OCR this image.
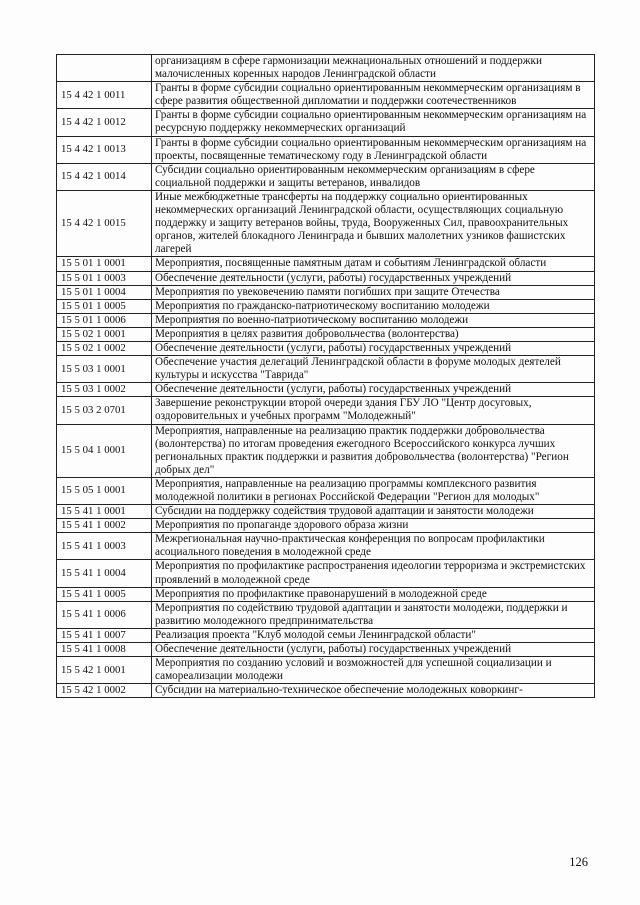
	организациям в сфере гармонизации межнациональных отношений и поддержки малочисленных коренных народов Ленинградской области
15 4 42 1 0011	Гранты в форме субсидии социально ориентированным некоммерческим организациям в сфере развития общественной дипломатии и поддержки соотечественников
15 4 42 1 0012	Гранты в форме субсидии социально ориентированным некоммерческим организациям на ресурсную поддержку некоммерческих организаций
15 4 42 1 0013	Гранты в форме субсидии социально ориентированным некоммерческим организациям на проекты, посвященные тематическому году в Ленинградской области
15 4 42 1 0014	Субсидии социально ориентированным некоммерческим организациям в сфере социальной поддержки и защиты ветеранов, инвалидов
15 4 42 1 0015	Иные межбюджетные трансферты на поддержку социально ориентированных некоммерческих организаций Ленинградской области, осуществляющих социальную поддержку и защиту ветеранов войны, труда, Вооруженных Сил, правоохранительных органов, жителей блокадного Ленинграда и бывших малолетних узников фашистских лагерей
15 5 01 1 0001	Мероприятия, посвященные памятным датам и событиям Ленинградской области
15 5 01 1 0003	Обеспечение деятельности (услуги, работы) государственных учреждений
15 5 01 1 0004	Мероприятия по увековечению памяти погибших при защите Отечества
15 5 01 1 0005	Мероприятия по гражданско-патриотическому воспитанию молодежи
15 5 01 1 0006	Мероприятия по военно-патриотическому воспитанию молодежи
15 5 02 1 0001	Мероприятия в целях развития добровольчества (волонтерства)
15 5 02 1 0002	Обеспечение деятельности (услуги, работы) государственных учреждений
15 5 03 1 0001	Обеспечение участия делегаций Ленинградской области в форуме молодых деятелей культуры и искусства "Таврида"
15 5 03 1 0002	Обеспечение деятельности (услуги, работы) государственных учреждений
15 5 03 2 0701	Завершение реконструкции второй очереди здания ГБУ ЛО "Центр досуговых, оздоровительных и учебных программ "Молодежный"
15 5 04 1 0001	Мероприятия, направленные на реализацию практик поддержки добровольчества (волонтерства) по итогам проведения ежегодного Всероссийского конкурса лучших региональных практик поддержки и развития добровольчества (волонтерства) "Регион добрых дел"
15 5 05 1 0001	Мероприятия, направленные на реализацию программы комплексного развития молодежной политики в регионах Российской Федерации "Регион для молодых"
15 5 41 1 0001	Субсидии на поддержку содействия трудовой адаптации и занятости молодежи
15 5 41 1 0002	Мероприятия по пропаганде здорового образа жизни
15 5 41 1 0003	Межрегиональная научно-практическая конференция по вопросам профилактики асоциального поведения в молодежной среде
15 5 41 1 0004	Мероприятия по профилактике распространения идеологии терроризма и экстремистских проявлений в молодежной среде
15 5 41 1 0005	Мероприятия по профилактике правонарушений в молодежной среде
15 5 41 1 0006	Мероприятия по содействию трудовой адаптации и занятости молодежи, поддержки и развитию молодежного предпринимательства
15 5 41 1 0007	Реализация проекта "Клуб молодой семьи Ленинградской области"
15 5 41 1 0008	Обеспечение деятельности (услуги, работы) государственных учреждений
15 5 42 1 0001	Мероприятия по созданию условий и возможностей для успешной социализации и самореализации молодежи
15 5 42 1 0002	Субсидии на материально-техническое обеспечение молодежных коворкинг-
126
